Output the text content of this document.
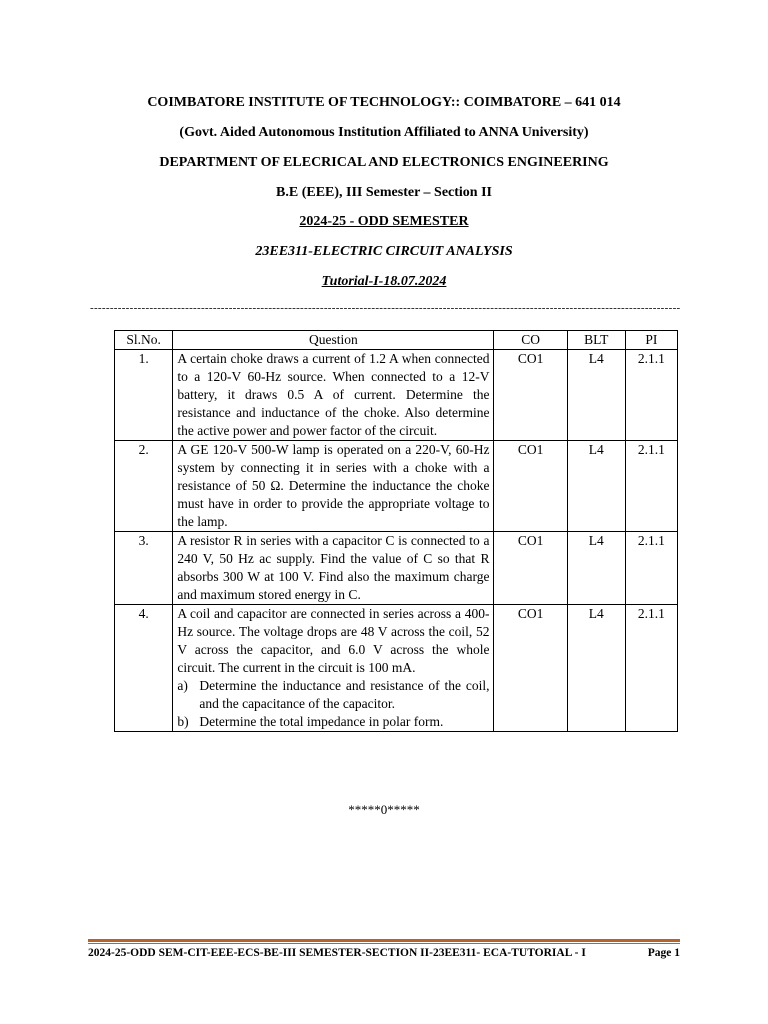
COIMBATORE INSTITUTE OF TECHNOLOGY:: COIMBATORE – 641 014
(Govt. Aided Autonomous Institution Affiliated to ANNA University)
DEPARTMENT OF ELECRICAL AND ELECTRONICS ENGINEERING
B.E (EEE), III Semester – Section II
2024-25 - ODD SEMESTER
23EE311-ELECTRIC CIRCUIT ANALYSIS
Tutorial-I-18.07.2024
-----------------------------------------------------------------------------------------------------------------------------------------------------
Sl.No.	Question	CO	BLT	PI
1.	A certain choke draws a current of 1.2 A when connected to a 120-V 60-Hz source. When connected to a 12-V battery, it draws 0.5 A of current. Determine the resistance and inductance of the choke. Also determine the active power and power factor of the circuit.	CO1	L4	2.1.1
2.	A GE 120-V 500-W lamp is operated on a 220-V, 60-Hz system by connecting it in series with a choke with a resistance of 50 Ω. Determine the inductance the choke must have in order to provide the appropriate voltage to the lamp.	CO1	L4	2.1.1
3.	A resistor R in series with a capacitor C is connected to a 240 V, 50 Hz ac supply. Find the value of C so that R absorbs 300 W at 100 V. Find also the maximum charge and maximum stored energy in C.	CO1	L4	2.1.1
4.	A coil and capacitor are connected in series across a 400-Hz source. The voltage drops are 48 V across the coil, 52 V across the capacitor, and 6.0 V across the whole circuit. The current in the circuit is 100 mA.
a) Determine the inductance and resistance of the coil, and the capacitance of the capacitor.
b) Determine the total impedance in polar form.	CO1	L4	2.1.1
*****0*****
2024-25-ODD SEM-CIT-EEE-ECS-BE-III SEMESTER-SECTION II-23EE311- ECA-TUTORIAL - I	Page 1
